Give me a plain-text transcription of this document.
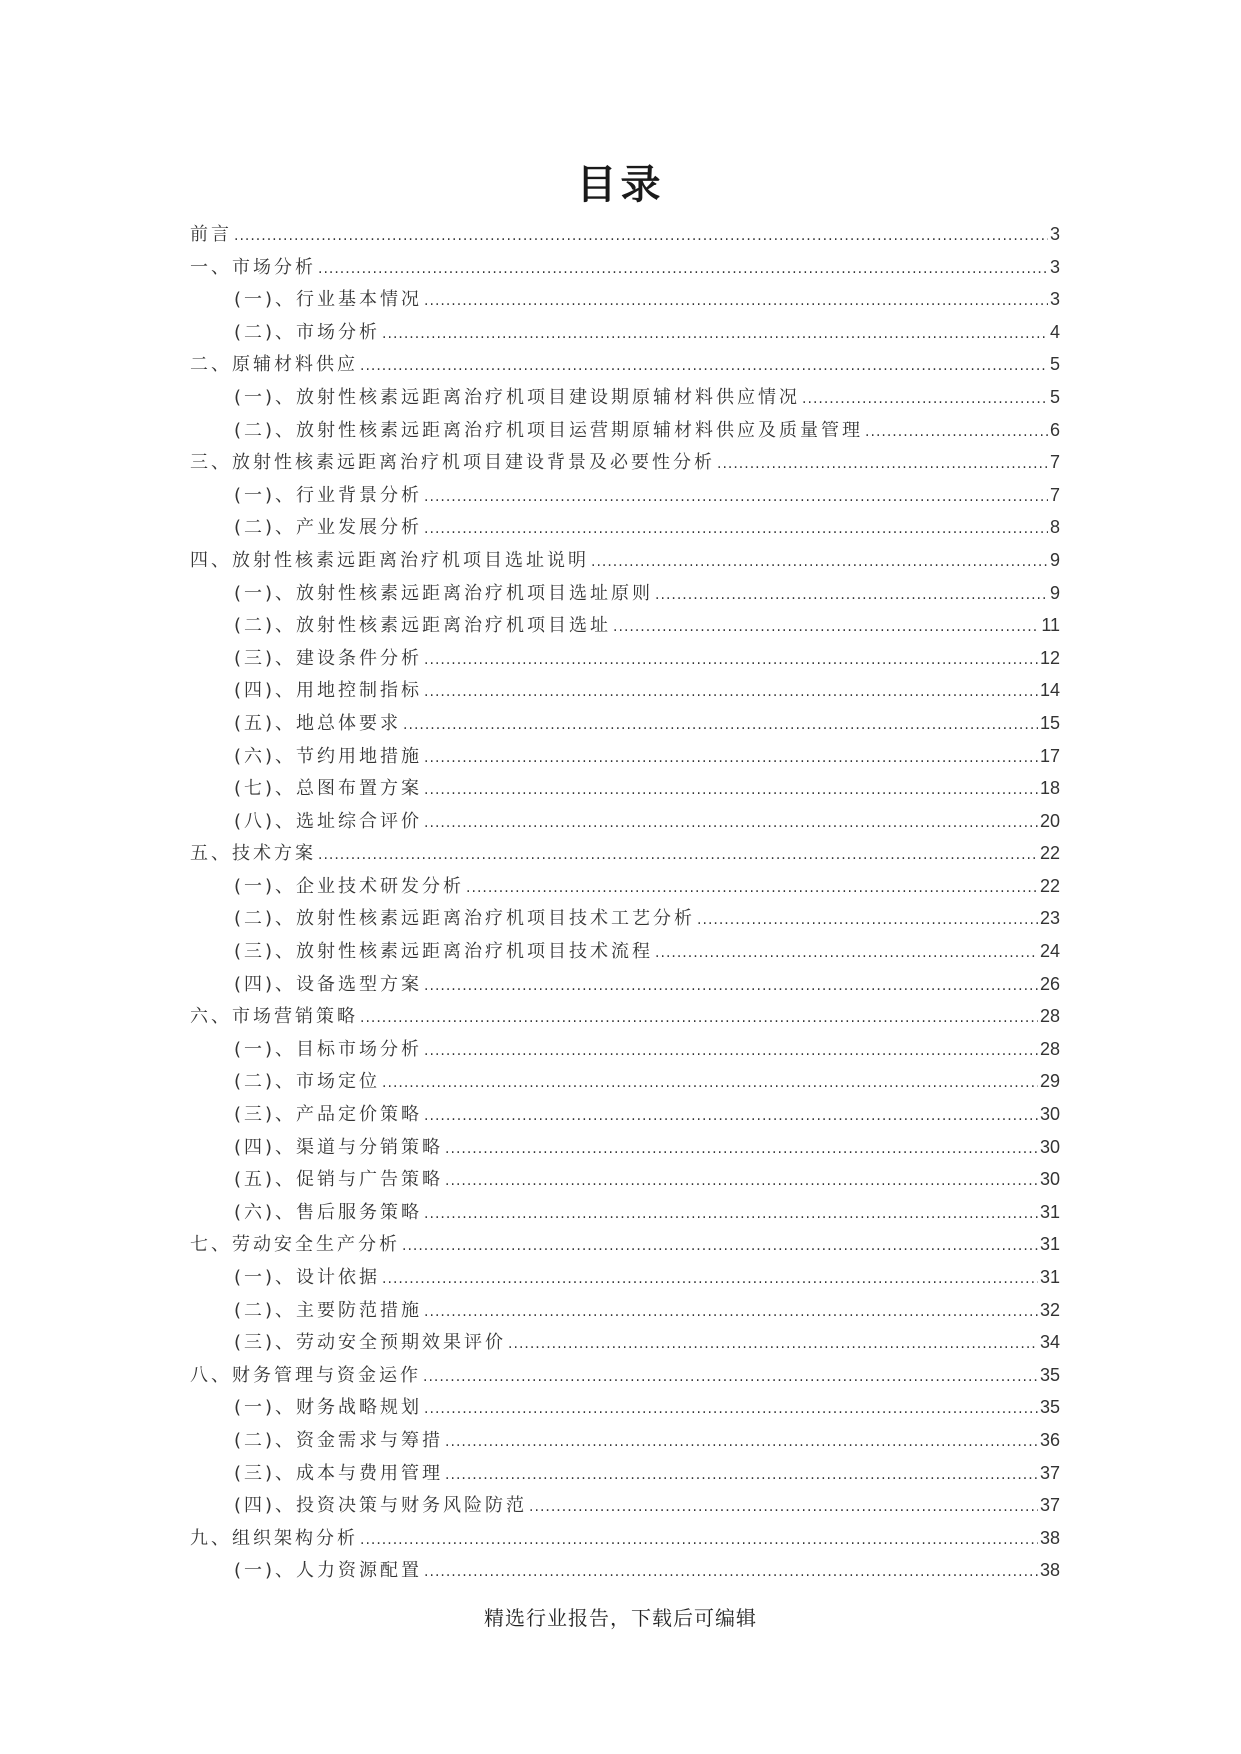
目录
前言 .....	3
一、市场分析 .....	3
(一)、行业基本情况 .....	3
(二)、市场分析 .....	4
二、原辅材料供应 .....	5
(一)、放射性核素远距离治疗机项目建设期原辅材料供应情况 .....	5
(二)、放射性核素远距离治疗机项目运营期原辅材料供应及质量管理 .....	6
三、放射性核素远距离治疗机项目建设背景及必要性分析 .....	7
(一)、行业背景分析 .....	7
(二)、产业发展分析 .....	8
四、放射性核素远距离治疗机项目选址说明 .....	9
(一)、放射性核素远距离治疗机项目选址原则 .....	9
(二)、放射性核素远距离治疗机项目选址 .....	11
(三)、建设条件分析 .....	12
(四)、用地控制指标 .....	14
(五)、地总体要求 .....	15
(六)、节约用地措施 .....	17
(七)、总图布置方案 .....	18
(八)、选址综合评价 .....	20
五、技术方案 .....	22
(一)、企业技术研发分析 .....	22
(二)、放射性核素远距离治疗机项目技术工艺分析 .....	23
(三)、放射性核素远距离治疗机项目技术流程 .....	24
(四)、设备选型方案 .....	26
六、市场营销策略 .....	28
(一)、目标市场分析 .....	28
(二)、市场定位 .....	29
(三)、产品定价策略 .....	30
(四)、渠道与分销策略 .....	30
(五)、促销与广告策略 .....	30
(六)、售后服务策略 .....	31
七、劳动安全生产分析 .....	31
(一)、设计依据 .....	31
(二)、主要防范措施 .....	32
(三)、劳动安全预期效果评价 .....	34
八、财务管理与资金运作 .....	35
(一)、财务战略规划 .....	35
(二)、资金需求与筹措 .....	36
(三)、成本与费用管理 .....	37
(四)、投资决策与财务风险防范 .....	37
九、组织架构分析 .....	38
(一)、人力资源配置 .....	38
精选行业报告，下载后可编辑
